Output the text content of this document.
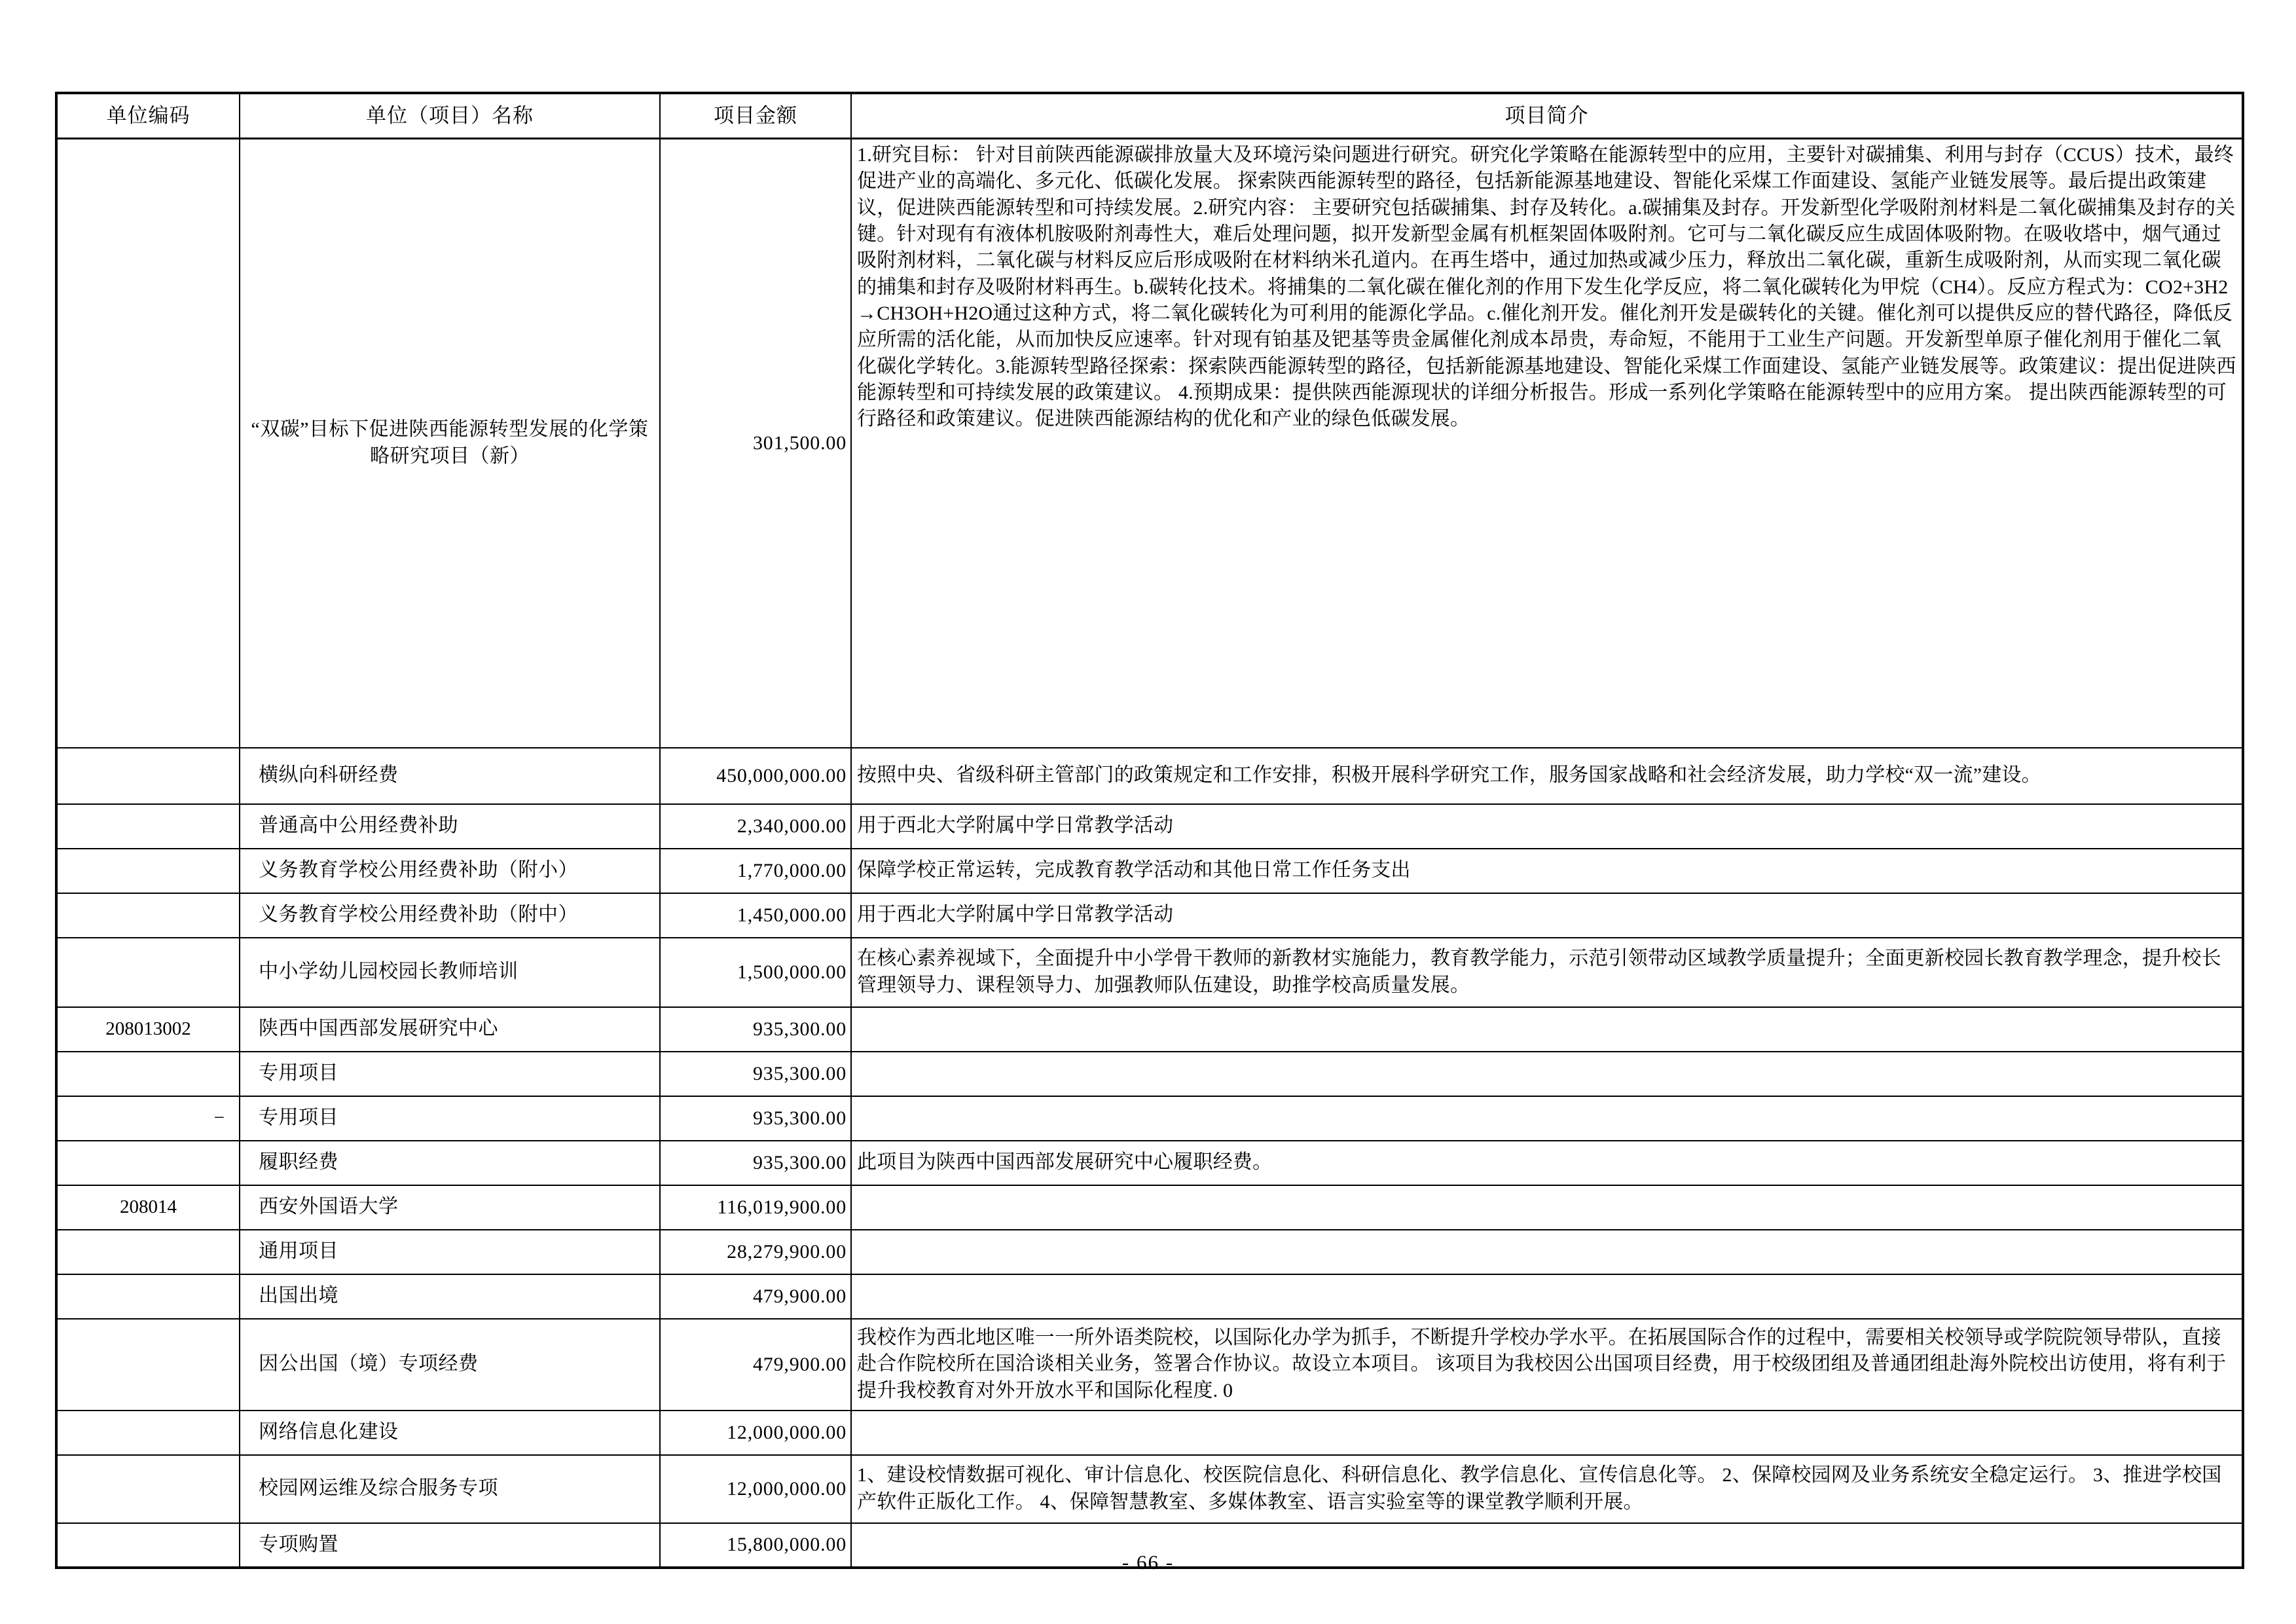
单位编码	单位（项目）名称	项目金额	项目简介
	“双碳”目标下促进陕西能源转型发展的化学策略研究项目（新）	301,500.00	1.研究目标： 针对目前陕西能源碳排放量大及环境污染问题进行研究。研究化学策略在能源转型中的应用，主要针对碳捕集、利用与封存（CCUS）技术，最终促进产业的高端化、多元化、低碳化发展。 探索陕西能源转型的路径，包括新能源基地建设、智能化采煤工作面建设、氢能产业链发展等。最后提出政策建议，促进陕西能源转型和可持续发展。2.研究内容： 主要研究包括碳捕集、封存及转化。a.碳捕集及封存。开发新型化学吸附剂材料是二氧化碳捕集及封存的关键。针对现有有液体机胺吸附剂毒性大，难后处理问题，拟开发新型金属有机框架固体吸附剂。它可与二氧化碳反应生成固体吸附物。在吸收塔中，烟气通过吸附剂材料，二氧化碳与材料反应后形成吸附在材料纳米孔道内。在再生塔中，通过加热或减少压力，释放出二氧化碳，重新生成吸附剂，从而实现二氧化碳的捕集和封存及吸附材料再生。b.碳转化技术。将捕集的二氧化碳在催化剂的作用下发生化学反应，将二氧化碳转化为甲烷（CH4）。反应方程式为：CO2+3H2→CH3OH+H2O通过这种方式，将二氧化碳转化为可利用的能源化学品。c.催化剂开发。催化剂开发是碳转化的关键。催化剂可以提供反应的替代路径，降低反应所需的活化能，从而加快反应速率。针对现有铂基及钯基等贵金属催化剂成本昂贵，寿命短，不能用于工业生产问题。开发新型单原子催化剂用于催化二氧化碳化学转化。3.能源转型路径探索：探索陕西能源转型的路径，包括新能源基地建设、智能化采煤工作面建设、氢能产业链发展等。政策建议：提出促进陕西能源转型和可持续发展的政策建议。 4.预期成果：提供陕西能源现状的详细分析报告。形成一系列化学策略在能源转型中的应用方案。 提出陕西能源转型的可行路径和政策建议。促进陕西能源结构的优化和产业的绿色低碳发展。
	横纵向科研经费	450,000,000.00	按照中央、省级科研主管部门的政策规定和工作安排，积极开展科学研究工作，服务国家战略和社会经济发展，助力学校“双一流”建设。
	普通高中公用经费补助	2,340,000.00	用于西北大学附属中学日常教学活动
	义务教育学校公用经费补助（附小）	1,770,000.00	保障学校正常运转，完成教育教学活动和其他日常工作任务支出
	义务教育学校公用经费补助（附中）	1,450,000.00	用于西北大学附属中学日常教学活动
	中小学幼儿园校园长教师培训	1,500,000.00	在核心素养视域下，全面提升中小学骨干教师的新教材实施能力，教育教学能力，示范引领带动区域教学质量提升；全面更新校园长教育教学理念，提升校长管理领导力、课程领导力、加强教师队伍建设，助推学校高质量发展。
208013002	陕西中国西部发展研究中心	935,300.00	
	专用项目	935,300.00	
−	专用项目	935,300.00	
	履职经费	935,300.00	此项目为陕西中国西部发展研究中心履职经费。
208014	西安外国语大学	116,019,900.00	
	通用项目	28,279,900.00	
	出国出境	479,900.00	
	因公出国（境）专项经费	479,900.00	我校作为西北地区唯一一所外语类院校，以国际化办学为抓手，不断提升学校办学水平。在拓展国际合作的过程中，需要相关校领导或学院院领导带队，直接赴合作院校所在国洽谈相关业务，签署合作协议。故设立本项目。 该项目为我校因公出国项目经费，用于校级团组及普通团组赴海外院校出访使用，将有利于提升我校教育对外开放水平和国际化程度. 0
	网络信息化建设	12,000,000.00	
	校园网运维及综合服务专项	12,000,000.00	1、建设校情数据可视化、审计信息化、校医院信息化、科研信息化、教学信息化、宣传信息化等。 2、保障校园网及业务系统安全稳定运行。 3、推进学校国产软件正版化工作。 4、保障智慧教室、多媒体教室、语言实验室等的课堂教学顺利开展。
	专项购置	15,800,000.00	
- 66 -
